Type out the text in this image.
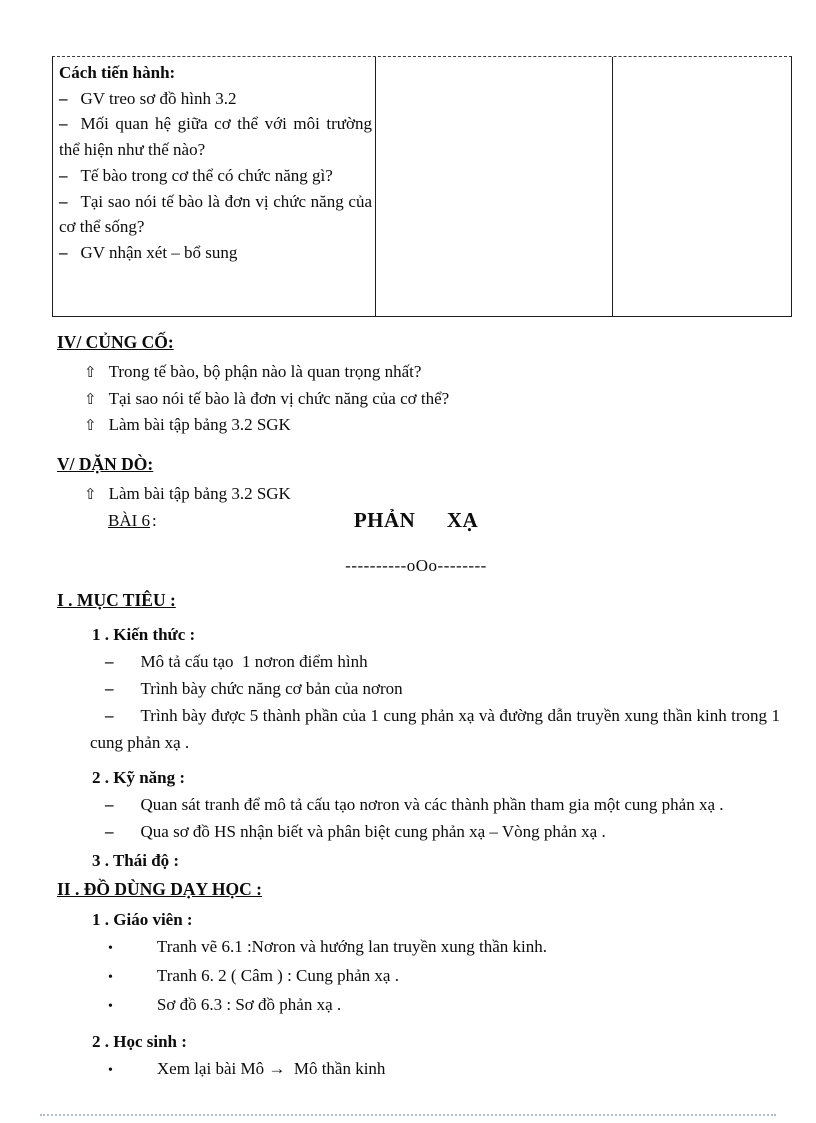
Cách tiến hành:

– GV treo sơ đồ hình 3.2

– Mối quan hệ giữa cơ thể với môi trường thể hiện như thế nào?

– Tế bào trong cơ thể có chức năng gì?

– Tại sao nói tế bào là đơn vị chức năng của cơ thể sống?

– GV nhận xét – bổ sung

IV/ CỦNG CỐ:
⇧ Trong tế bào, bộ phận nào là quan trọng nhất?
⇧ Tại sao nói tế bào là đơn vị chức năng của cơ thể?
⇧ Làm bài tập bảng 3.2 SGK
V/ DẶN DÒ:
⇧ Làm bài tập bảng 3.2 SGK
BÀI 6 :	PHẢN  XẠ
----------oOo--------
I . MỤC TIÊU :
1 . Kiến thức :
– Mô tả cấu tạo  1 nơron điểm hình
– Trình bày chức năng cơ bản của nơron
– Trình bày được 5 thành phần của 1 cung phản xạ và đường dẫn truyền xung thần kinh trong 1 cung phản xạ .
2 . Kỹ năng :
– Quan sát tranh để mô tả cấu tạo nơron và các thành phần tham gia một cung phản xạ .
– Qua sơ đồ HS nhận biết và phân biệt cung phản xạ – Vòng phản xạ .
3 . Thái độ :
II . ĐỒ DÙNG DẠY HỌC :
1 . Giáo viên :
•	Tranh vẽ 6.1 :Nơron và hướng lan truyền xung thần kinh.
•	Tranh 6. 2 ( Câm ) : Cung phản xạ .
•	Sơ đồ 6.3 : Sơ đồ phản xạ .
2 . Học sinh :
•	Xem lại bài Mô →  Mô thần kinh
